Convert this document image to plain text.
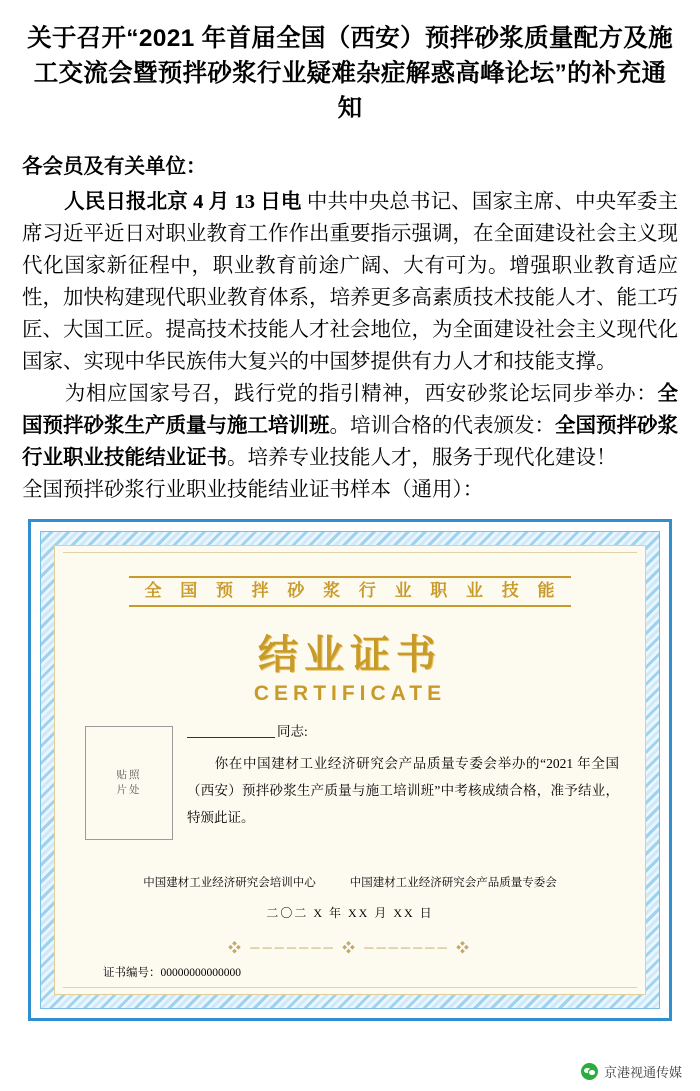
关于召开“2021 年首届全国（西安）预拌砂浆质量配方及施工交流会暨预拌砂浆行业疑难杂症解惑高峰论坛”的补充通知

各会员及有关单位：

人民日报北京 4 月 13 日电 中共中央总书记、国家主席、中央军委主席习近平近日对职业教育工作作出重要指示强调，在全面建设社会主义现代化国家新征程中，职业教育前途广阔、大有可为。增强职业教育适应性，加快构建现代职业教育体系，培养更多高素质技术技能人才、能工巧匠、大国工匠。提高技术技能人才社会地位，为全面建设社会主义现代化国家、实现中华民族伟大复兴的中国梦提供有力人才和技能支撑。

为相应国家号召，践行党的指引精神，西安砂浆论坛同步举办：全国预拌砂浆生产质量与施工培训班。培训合格的代表颁发：全国预拌砂浆行业职业技能结业证书。培养专业技能人才，服务于现代化建设！

全国预拌砂浆行业职业技能结业证书样本（通用）：

全 国 预 拌 砂 浆 行 业 职 业 技 能
结业证书
CERTIFICATE
贴照片处
同志:
你在中国建材工业经济研究会产品质量专委会举办的“2021 年全国（西安）预拌砂浆生产质量与施工培训班”中考核成绩合格，准予结业，特颁此证。
中国建材工业经济研究会培训中心	中国建材工业经济研究会产品质量专委会
二〇二 X 年 XX 月 XX 日
❖ ─────── ❖ ─────── ❖
证书编号：00000000000000
京港视通传媒
